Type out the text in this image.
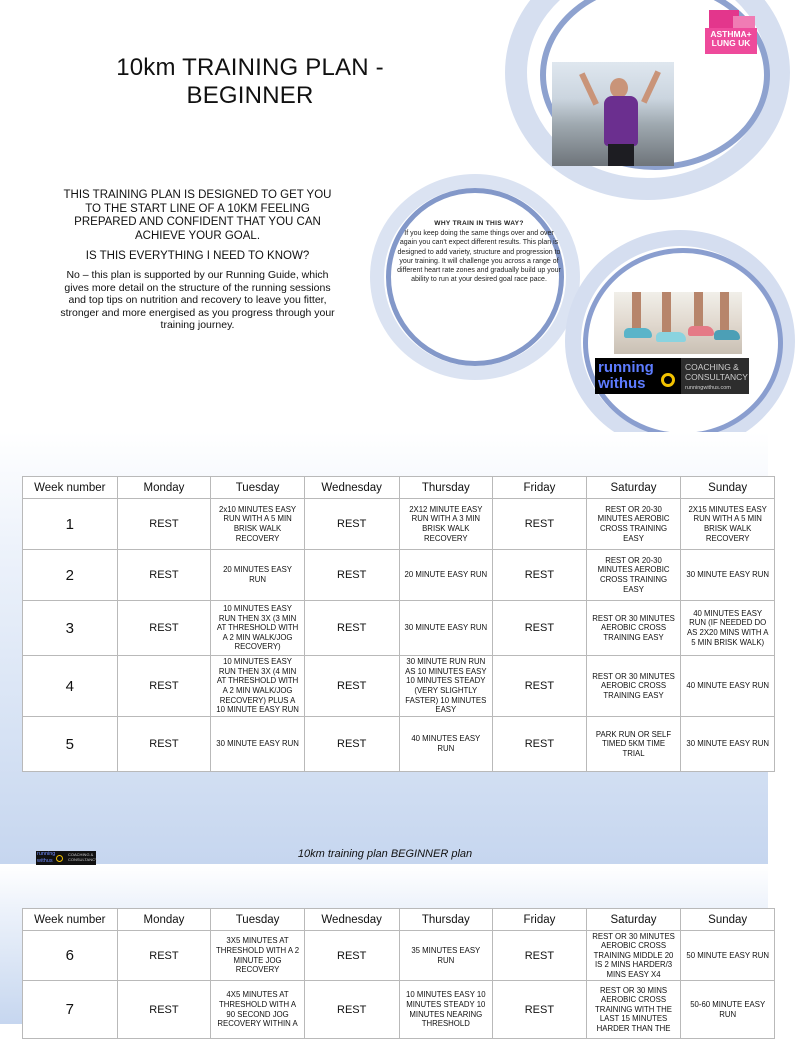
10km TRAINING PLAN -
BEGINNER

THIS TRAINING PLAN IS DESIGNED TO GET YOU TO THE START LINE OF A 10KM FEELING PREPARED AND CONFIDENT THAT YOU CAN ACHIEVE YOUR GOAL.

IS THIS EVERYTHING I NEED TO KNOW?

No – this plan is supported by our Running Guide, which gives more detail on the structure of the running sessions and top tips on nutrition and recovery to leave you fitter, stronger and more energised as you progress through your training journey.

WHY TRAIN IN THIS WAY?
If you keep doing the same things over and over again you can't expect different results. This plan is designed to add variety, structure and progression to your training. It will challenge you across a range of different heart rate zones and gradually build up your ability to run at your desired goal race pace.
ASTHMA+
LUNG UK
running
withus
COACHING & CONSULTANCY
runningwithus.com
Week number	Monday	Tuesday	Wednesday	Thursday	Friday	Saturday	Sunday
1	REST	2x10 MINUTES EASY RUN WITH A 5 MIN BRISK WALK RECOVERY	REST	2X12 MINUTE EASY RUN WITH A 3 MIN BRISK WALK RECOVERY	REST	REST OR 20-30 MINUTES AEROBIC CROSS TRAINING EASY	2X15 MINUTES EASY RUN WITH A 5 MIN BRISK WALK RECOVERY
2	REST	20 MINUTES EASY RUN	REST	20 MINUTE EASY RUN	REST	REST OR 20-30 MINUTES AEROBIC CROSS TRAINING EASY	30 MINUTE EASY RUN
3	REST	10 MINUTES EASY RUN THEN 3X (3 MIN AT THRESHOLD WITH A 2 MIN WALK/JOG RECOVERY)	REST	30 MINUTE EASY RUN	REST	REST OR 30 MINUTES AEROBIC CROSS TRAINING EASY	40 MINUTES EASY RUN (IF NEEDED DO AS 2X20 MINS WITH A 5 MIN BRISK WALK)
4	REST	10 MINUTES EASY RUN THEN 3X (4 MIN AT THRESHOLD WITH A 2 MIN WALK/JOG RECOVERY) PLUS A 10 MINUTE EASY RUN	REST	30 MINUTE RUN RUN AS 10 MINUTES EASY 10 MINUTES STEADY (VERY SLIGHTLY FASTER) 10 MINUTES EASY	REST	REST OR 30 MINUTES AEROBIC CROSS TRAINING EASY	40 MINUTE EASY RUN
5	REST	30 MINUTE EASY RUN	REST	40 MINUTES EASY RUN	REST	PARK RUN OR SELF TIMED 5KM TIME TRIAL	30 MINUTE EASY RUN
running withus
COACHING & CONSULTANCY	10km training plan BEGINNER plan
Week number	Monday	Tuesday	Wednesday	Thursday	Friday	Saturday	Sunday
6	REST	3X5 MINUTES AT THRESHOLD WITH A 2 MINUTE JOG RECOVERY	REST	35 MINUTES EASY RUN	REST	REST OR 30 MINUTES AEROBIC CROSS TRAINING MIDDLE 20 IS 2 MINS HARDER/3 MINS EASY X4	50 MINUTE EASY RUN
7	REST	4X5 MINUTES AT THRESHOLD WITH A 90 SECOND JOG RECOVERY WITHIN A	REST	10 MINUTES EASY 10 MINUTES STEADY 10 MINUTES NEARING THRESHOLD	REST	REST OR 30 MINS AEROBIC CROSS TRAINING WITH THE LAST 15 MINUTES HARDER THAN THE	50-60 MINUTE EASY RUN
